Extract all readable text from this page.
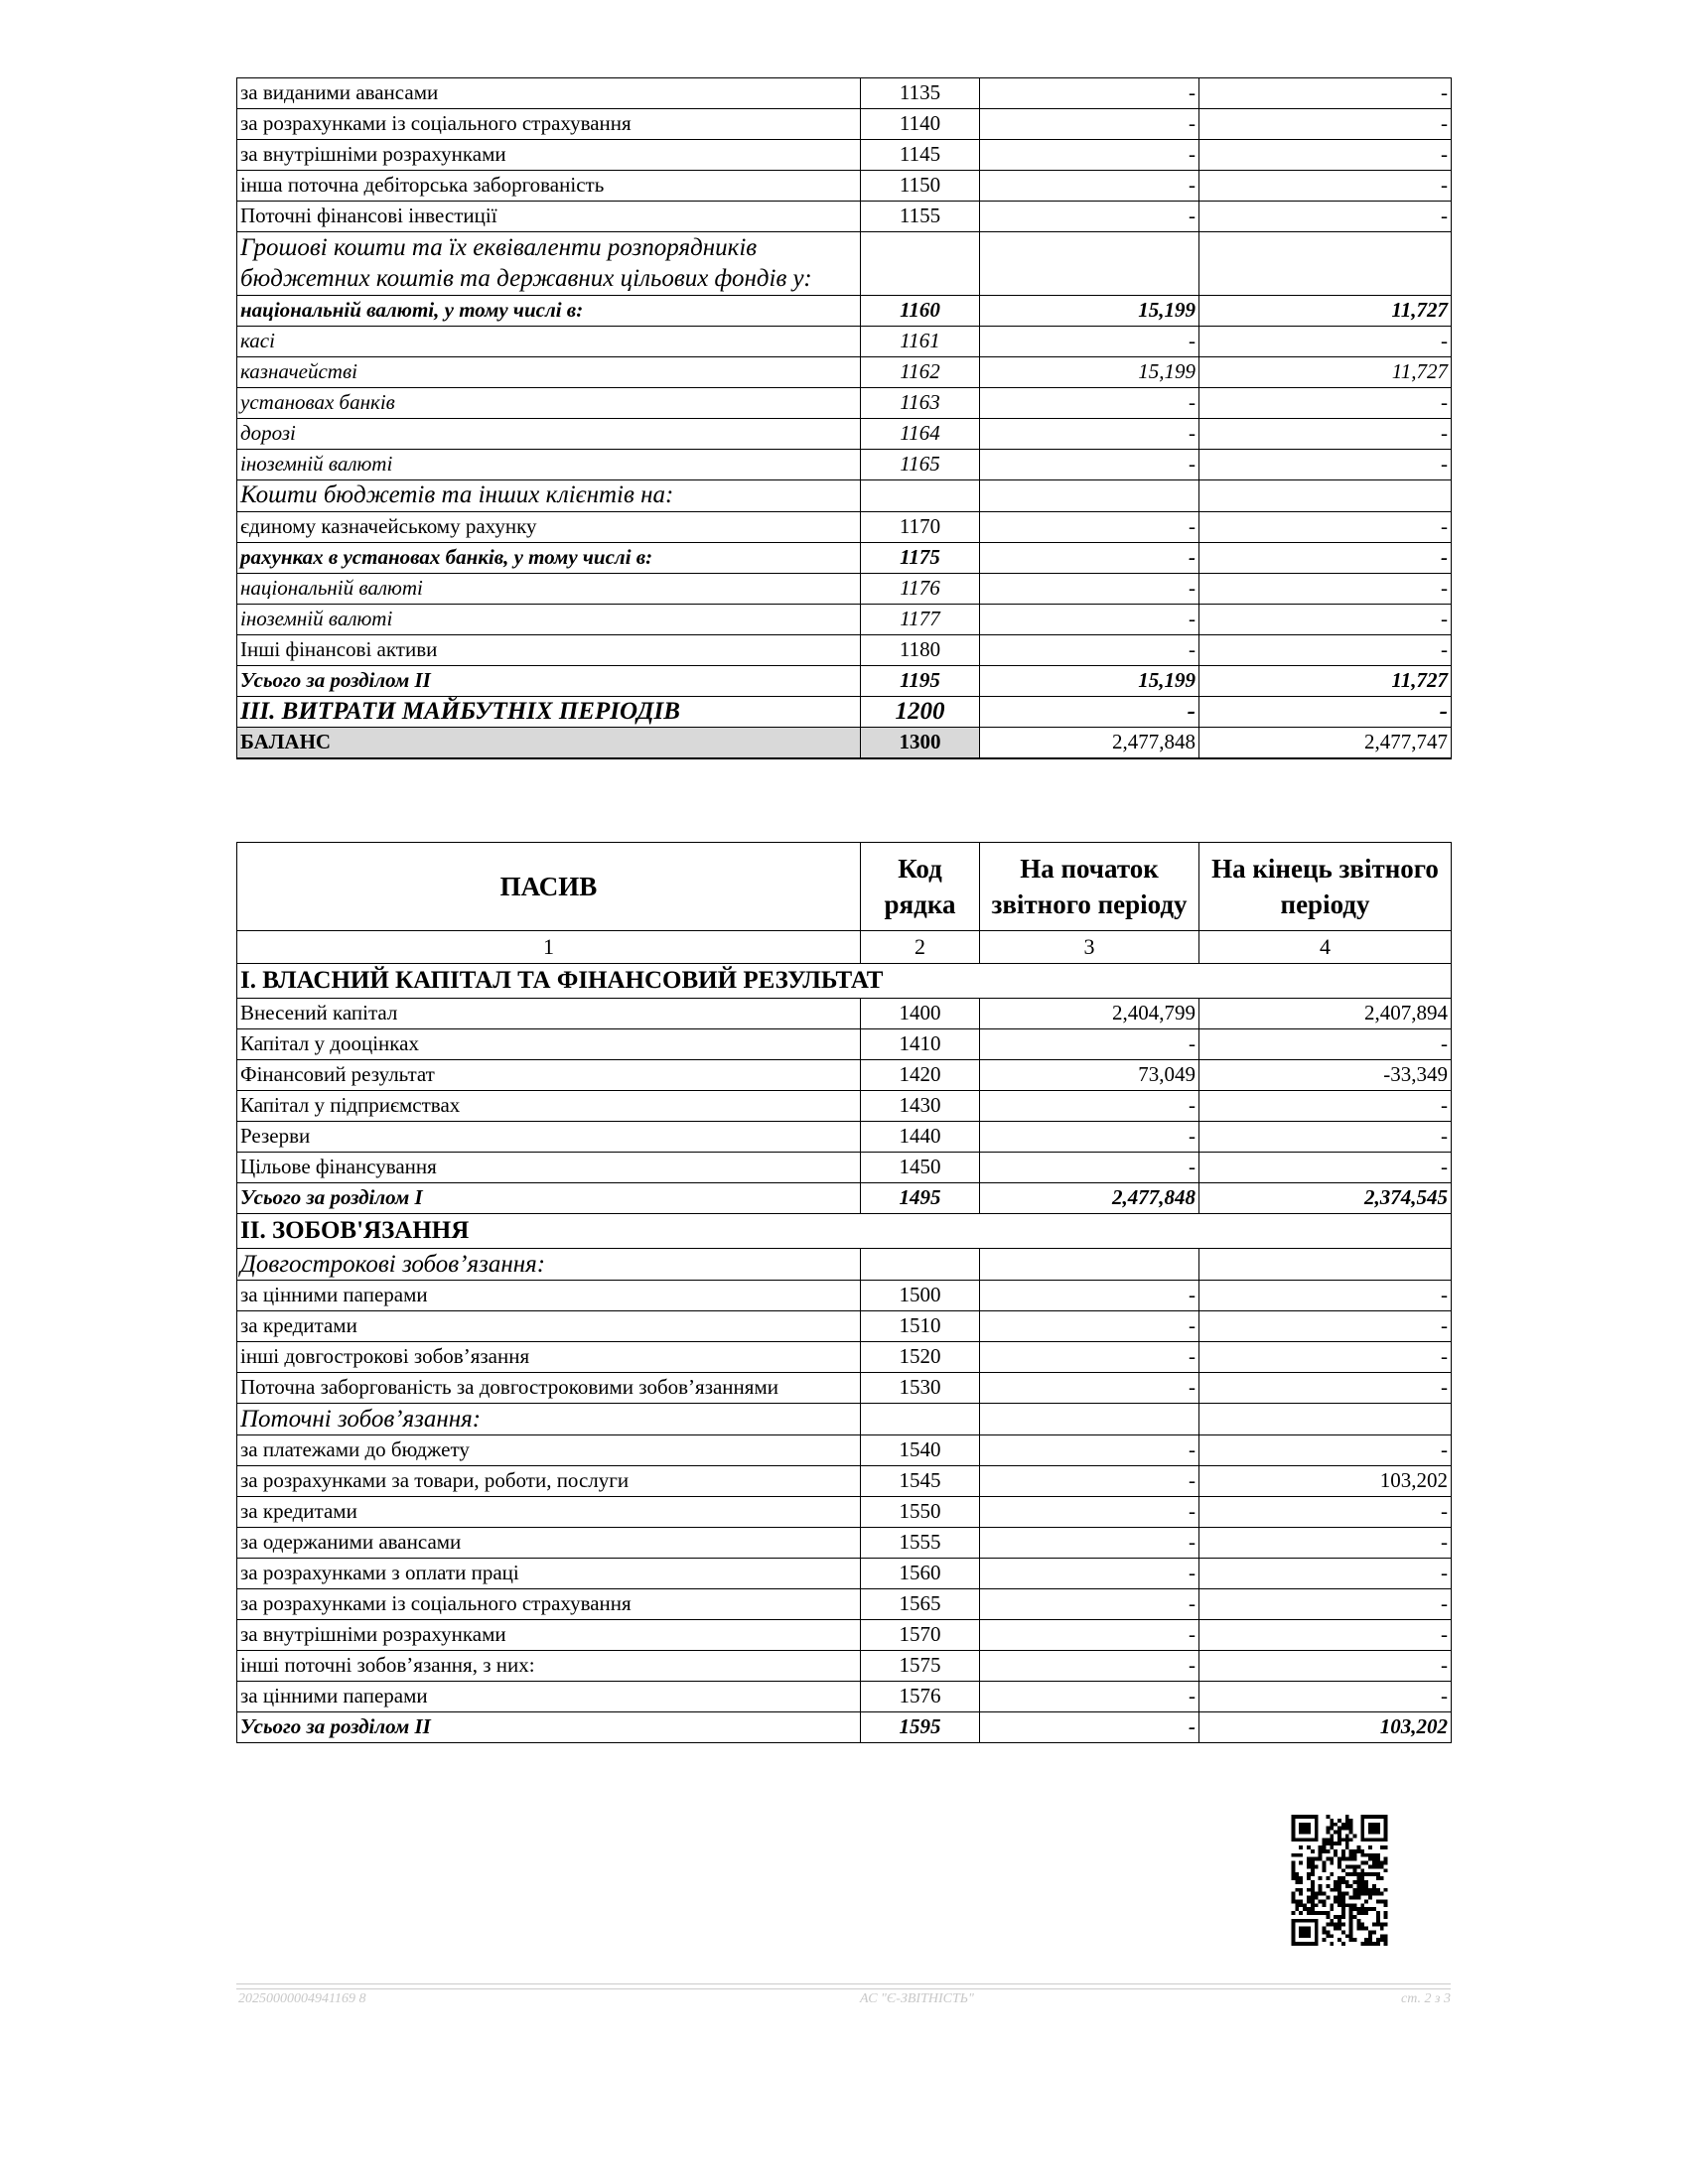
за виданими авансами	1135	-	-
за розрахунками із соціального страхування	1140	-	-
за внутрішніми розрахунками	1145	-	-
інша поточна дебіторська заборгованість	1150	-	-
Поточні фінансові інвестиції	1155	-	-
Грошові кошти та їх еквіваленти розпорядників бюджетних коштів та державних цільових фондів у:			
національній валюті, у тому числі в:	1160	15,199	11,727
касі	1161	-	-
казначействі	1162	15,199	11,727
установах банків	1163	-	-
дорозі	1164	-	-
іноземній валюті	1165	-	-
Кошти бюджетів та інших клієнтів на:			
єдиному казначейському рахунку	1170	-	-
рахунках в установах банків, у тому числі в:	1175	-	-
національній валюті	1176	-	-
іноземній валюті	1177	-	-
Інші фінансові активи	1180	-	-
Усього за розділом ІІ	1195	15,199	11,727
ІІІ. ВИТРАТИ МАЙБУТНІХ ПЕРІОДІВ	1200	-	-
БАЛАНС	1300	2,477,848	2,477,747
ПАСИВ	Код рядка	На початок звітного періоду	На кінець звітного періоду
1	2	3	4
І. ВЛАСНИЙ КАПІТАЛ ТА ФІНАНСОВИЙ РЕЗУЛЬТАТ			
Внесений капітал	1400	2,404,799	2,407,894
Капітал у дооцінках	1410	-	-
Фінансовий результат	1420	73,049	-33,349
Капітал у підприємствах	1430	-	-
Резерви	1440	-	-
Цільове фінансування	1450	-	-
Усього за розділом I	1495	2,477,848	2,374,545
ІІ. ЗОБОВ'ЯЗАННЯ			
Довгострокові зобов’язання:			
за цінними паперами	1500	-	-
за кредитами	1510	-	-
інші довгострокові зобов’язання	1520	-	-
Поточна заборгованість за довгостроковими зобов’язаннями	1530	-	-
Поточні зобов’язання:			
за платежами до бюджету	1540	-	-
за розрахунками за товари, роботи, послуги	1545	-	103,202
за кредитами	1550	-	-
за одержаними авансами	1555	-	-
за розрахунками з оплати праці	1560	-	-
за розрахунками із соціального страхування	1565	-	-
за внутрішніми розрахунками	1570	-	-
інші поточні зобов’язання, з них:	1575	-	-
за цінними паперами	1576	-	-
Усього за розділом IІ	1595	-	103,202
20250000004941169 8	АС "Є-ЗВІТНІСТЬ"	ст. 2 з 3
